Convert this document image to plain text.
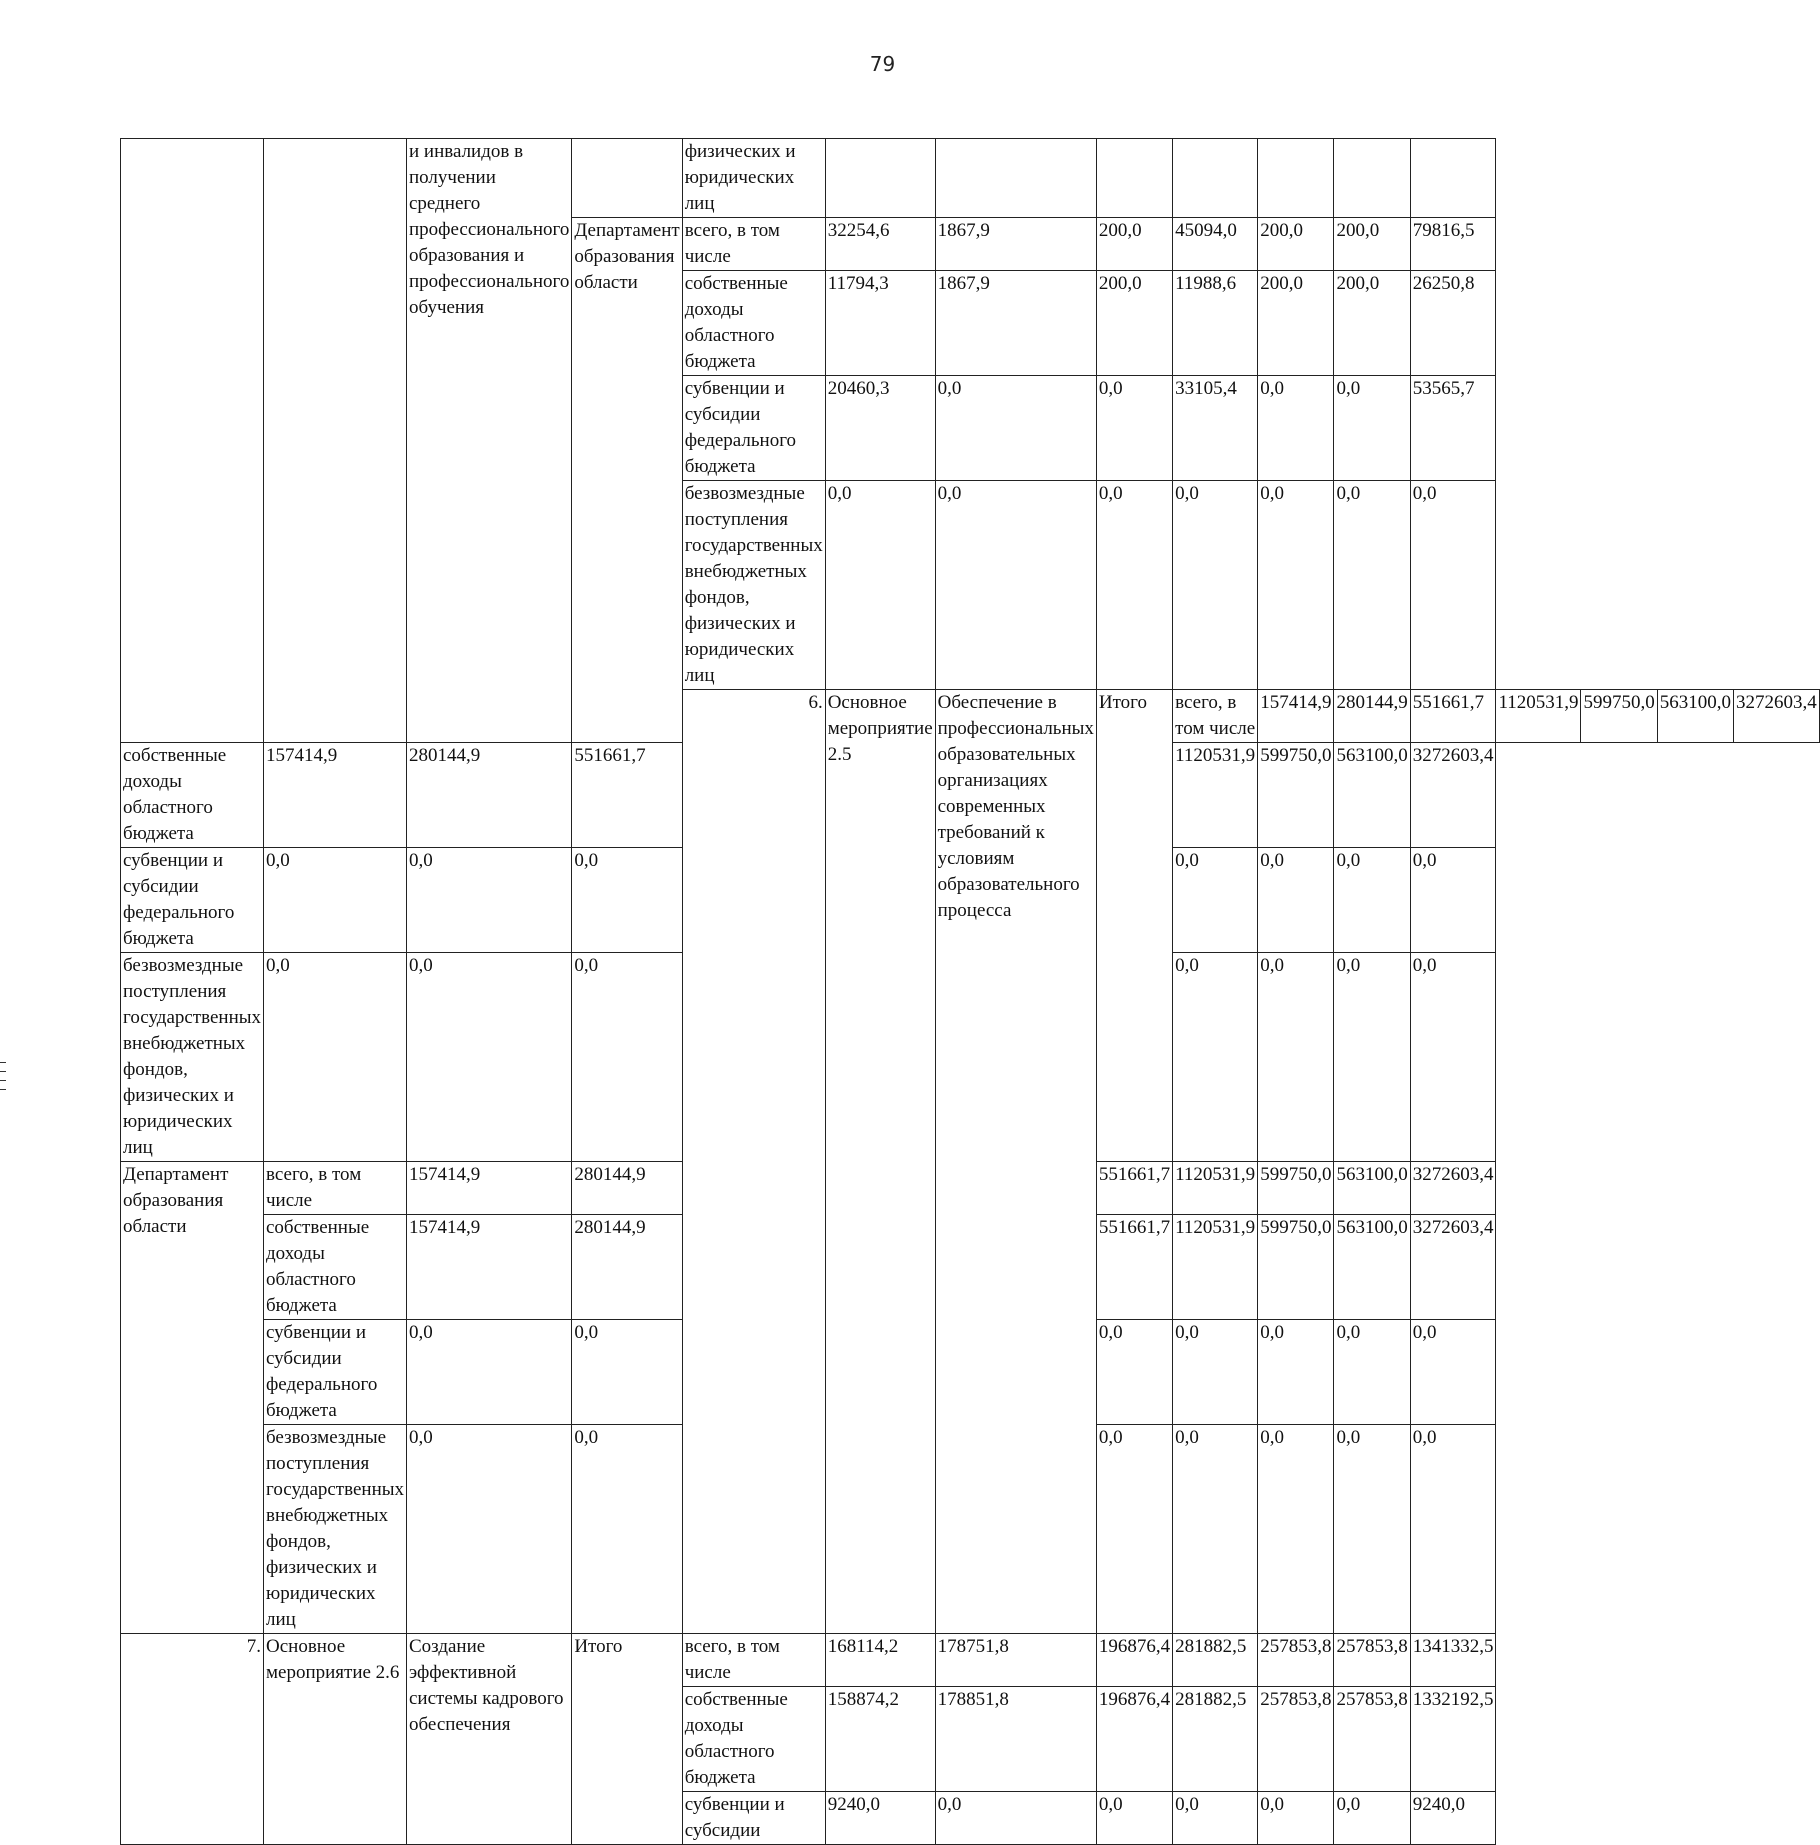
79
		и инвалидов в получении среднего профессионального образования и профессионального обучения		физических и юридических лиц											
			Департамент образования области	всего, в том числе	32254,6	1867,9	200,0	45094,0	200,0	200,0	79816,5				
				собственные доходы областного бюджета	11794,3	1867,9	200,0	11988,6	200,0	200,0	26250,8				
				субвенции и субсидии федерального бюджета	20460,3	0,0	0,0	33105,4	0,0	0,0	53565,7				
				безвозмездные поступления государственных внебюджетных фондов, физических и юридических лиц	0,0	0,0	0,0	0,0	0,0	0,0	0,0				
				6.	Основное мероприятие 2.5	Обеспечение в профессиональных образовательных организациях современных требований к условиям образовательного процесса	Итого	всего, в том числе	157414,9	280144,9	551661,7	1120531,9	599750,0	563100,0	3272603,4
собственные доходы областного бюджета	157414,9	280144,9	551661,7					1120531,9	599750,0	563100,0	3272603,4				
субвенции и субсидии федерального бюджета	0,0	0,0	0,0					0,0	0,0	0,0	0,0				
безвозмездные поступления государственных внебюджетных фондов, физических и юридических лиц	0,0	0,0	0,0					0,0	0,0	0,0	0,0				
Департамент образования области	всего, в том числе	157414,9	280144,9				551661,7	1120531,9	599750,0	563100,0	3272603,4				
	собственные доходы областного бюджета	157414,9	280144,9				551661,7	1120531,9	599750,0	563100,0	3272603,4				
	субвенции и субсидии федерального бюджета	0,0	0,0				0,0	0,0	0,0	0,0	0,0				
	безвозмездные поступления государственных внебюджетных фондов, физических и юридических лиц	0,0	0,0				0,0	0,0	0,0	0,0	0,0				
7.	Основное мероприятие 2.6	Создание эффективной системы кадрового обеспечения	Итого	всего, в том числе	168114,2	178751,8	196876,4	281882,5	257853,8	257853,8	1341332,5				
				собственные доходы областного бюджета	158874,2	178851,8	196876,4	281882,5	257853,8	257853,8	1332192,5				
				субвенции и субсидии	9240,0	0,0	0,0	0,0	0,0	0,0	9240,0				
